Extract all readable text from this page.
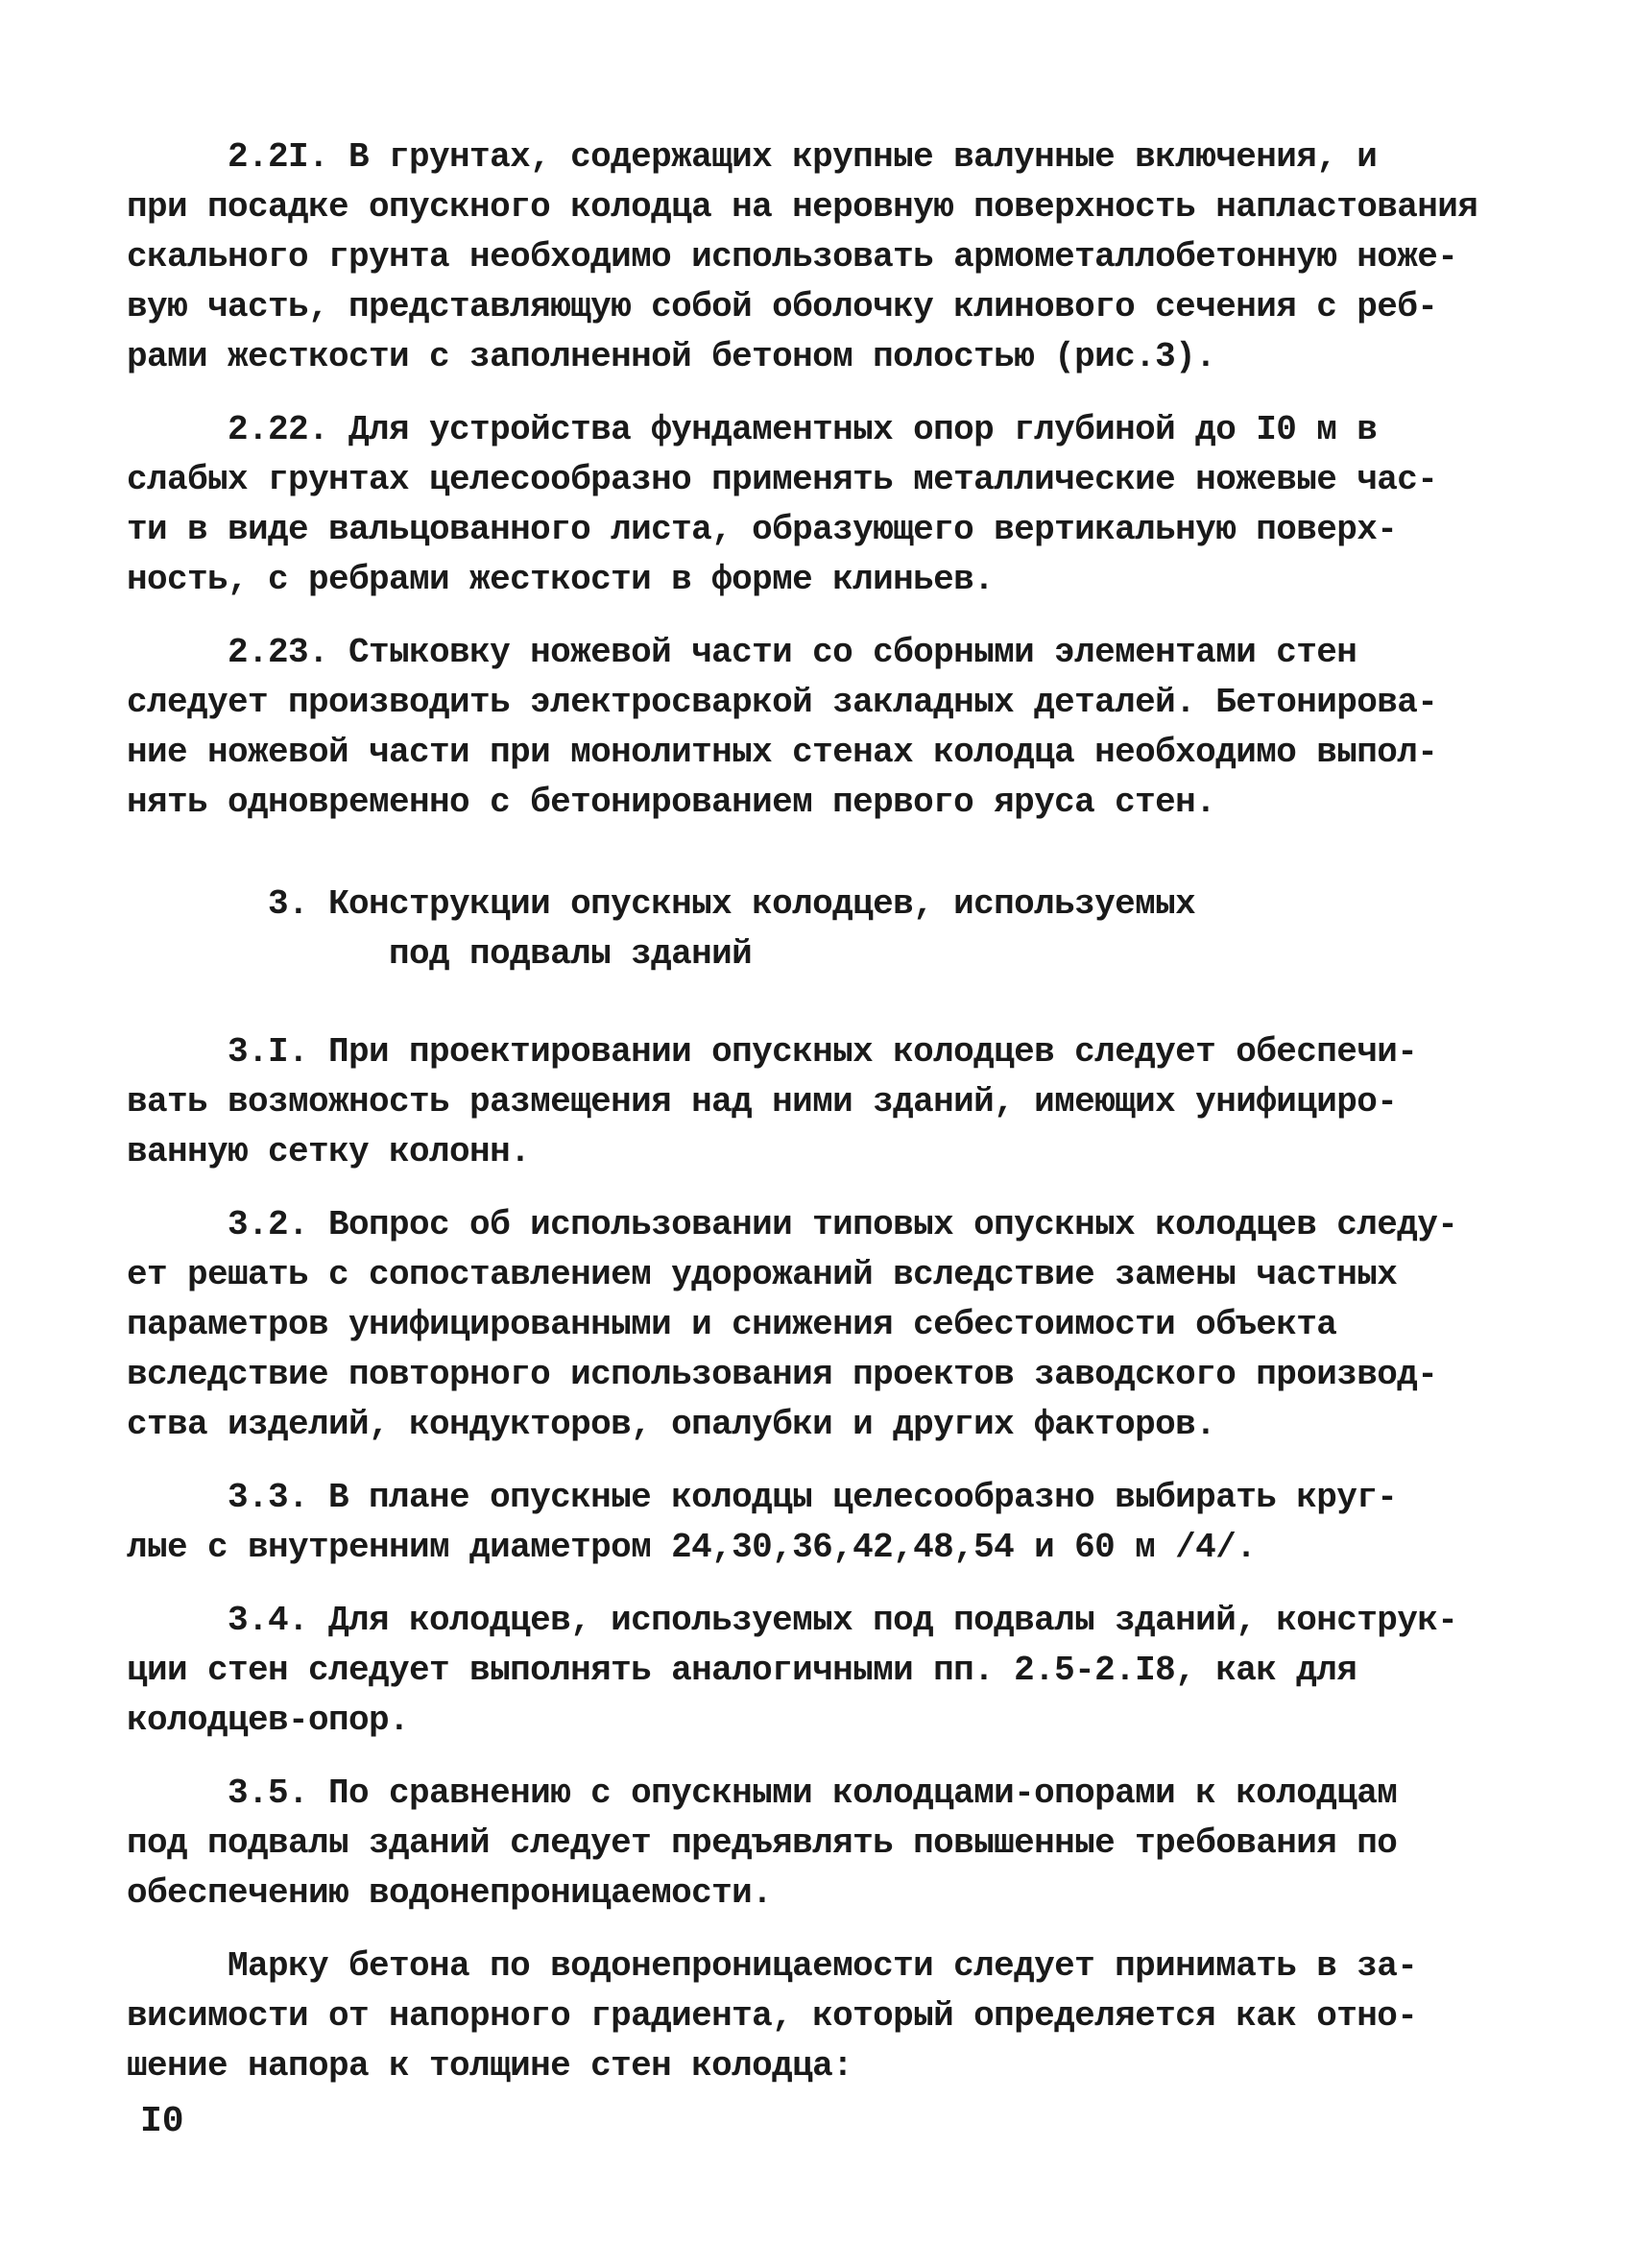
2.2I. В грунтах, содержащих крупные валунные включения, и
при посадке опускного колодца на неровную поверхность напластования
скального грунта необходимо использовать армометаллобетонную ноже-
вую часть, представляющую собой оболочку клинового сечения с реб-
рами жесткости с заполненной бетоном полостью (рис.3).
2.22. Для устройства фундаментных опор глубиной до I0 м в
слабых грунтах целесообразно применять металлические ножевые час-
ти в виде вальцованного листа, образующего вертикальную поверх-
ность, с ребрами жесткости в форме клиньев.
2.23. Стыковку ножевой части со сборными элементами стен
следует производить электросваркой закладных деталей. Бетонирова-
ние ножевой части при монолитных стенах колодца необходимо выпол-
нять одновременно с бетонированием первого яруса стен.
3. Конструкции опускных колодцев, используемых
под подвалы зданий
3.I. При проектировании опускных колодцев следует обеспечи-
вать возможность размещения над ними зданий, имеющих унифициро-
ванную сетку колонн.
3.2. Вопрос об использовании типовых опускных колодцев следу-
ет решать с сопоставлением удорожаний вследствие замены частных
параметров унифицированными и снижения себестоимости объекта
вследствие повторного использования проектов заводского производ-
ства изделий, кондукторов, опалубки и других факторов.
3.3. В плане опускные колодцы целесообразно выбирать круг-
лые с внутренним диаметром 24,30,36,42,48,54 и 60 м /4/.
3.4. Для колодцев, используемых под подвалы зданий, конструк-
ции стен следует выполнять аналогичными пп. 2.5-2.I8, как для
колодцев-опор.
3.5. По сравнению с опускными колодцами-опорами к колодцам
под подвалы зданий следует предъявлять повышенные требования по
обеспечению водонепроницаемости.
Марку бетона по водонепроницаемости следует принимать в за-
висимости от напорного градиента, который определяется как отно-
шение напора к толщине стен колодца:
I0
